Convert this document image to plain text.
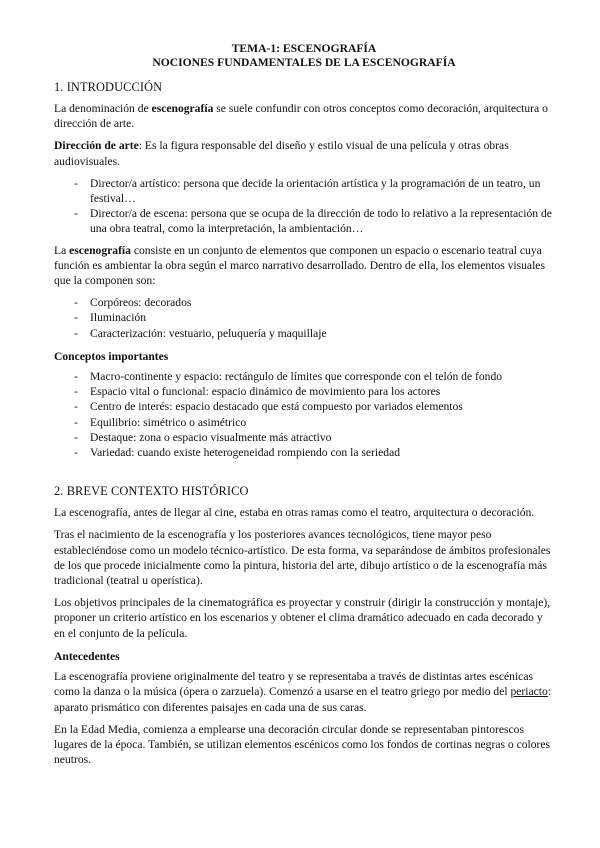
TEMA-1: ESCENOGRAFÍA
NOCIONES FUNDAMENTALES DE LA ESCENOGRAFÍA
1. INTRODUCCIÓN

La denominación de escenografía se suele confundir con otros conceptos como decoración, arquitectura o dirección de arte.

Dirección de arte: Es la figura responsable del diseño y estilo visual de una película y otras obras audiovisuales.

- Director/a artístico: persona que decide la orientación artística y la programación de un teatro, un festival…
- Director/a de escena: persona que se ocupa de la dirección de todo lo relativo a la representación de una obra teatral, como la interpretación, la ambientación…

La escenografía consiste en un conjunto de elementos que componen un espacio o escenario teatral cuya función es ambientar la obra según el marco narrativo desarrollado. Dentro de ella, los elementos visuales que la componen son:

- Corpóreos: decorados
- Iluminación
- Caracterización: vestuario, peluquería y maquillaje
Conceptos importantes
- Macro-continente y espacio: rectángulo de límites que corresponde con el telón de fondo
- Espacio vital o funcional: espacio dinámico de movimiento para los actores
- Centro de interés: espacio destacado que está compuesto por variados elementos
- Equilibrio: simétrico o asimétrico
- Destaque: zona o espacio visualmente más atractivo
- Variedad: cuando existe heterogeneidad rompiendo con la seriedad
2. BREVE CONTEXTO HISTÓRICO

La escenografía, antes de llegar al cine, estaba en otras ramas como el teatro, arquitectura o decoración.

Tras el nacimiento de la escenografía y los posteriores avances tecnológicos, tiene mayor peso estableciéndose como un modelo técnico-artístico. De esta forma, va separándose de ámbitos profesionales de los que procede inicialmente como la pintura, historia del arte, dibujo artístico o de la escenografía más tradicional (teatral u operística).

Los objetivos principales de la cinematográfica es proyectar y construir (dirigir la construcción y montaje), proponer un criterio artístico en los escenarios y obtener el clima dramático adecuado en cada decorado y en el conjunto de la película.

Antecedentes

La escenografía proviene originalmente del teatro y se representaba a través de distintas artes escénicas como la danza o la música (ópera o zarzuela). Comenzó a usarse en el teatro griego por medio del periacto: aparato prismático con diferentes paisajes en cada una de sus caras.

En la Edad Media, comienza a emplearse una decoración circular donde se representaban pintorescos lugares de la época. También, se utilizan elementos escénicos como los fondos de cortinas negras o colores neutros.
